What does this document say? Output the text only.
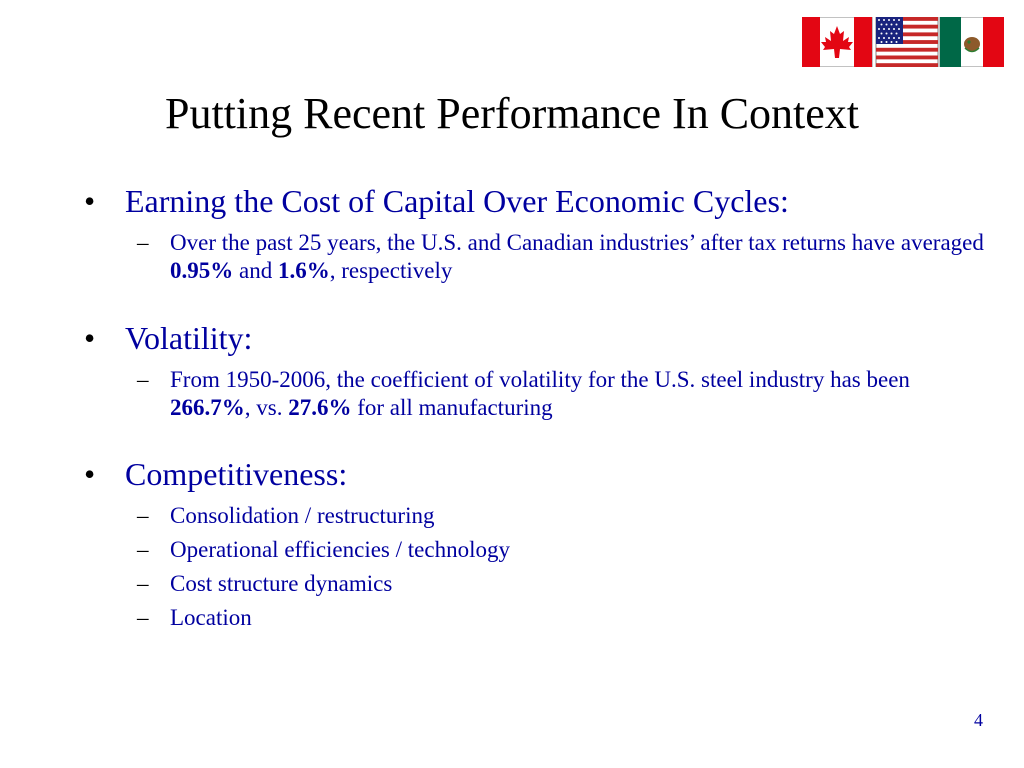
Putting Recent Performance In Context
• Earning the Cost of Capital Over Economic Cycles:
– Over the past 25 years, the U.S. and Canadian industries’ after tax returns have averaged 0.95% and 1.6%, respectively
• Volatility:
– From 1950-2006, the coefficient of volatility for the U.S. steel industry has been 266.7%, vs. 27.6% for all manufacturing
• Competitiveness:
– Consolidation / restructuring
– Operational efficiencies / technology
– Cost structure dynamics
– Location
4
